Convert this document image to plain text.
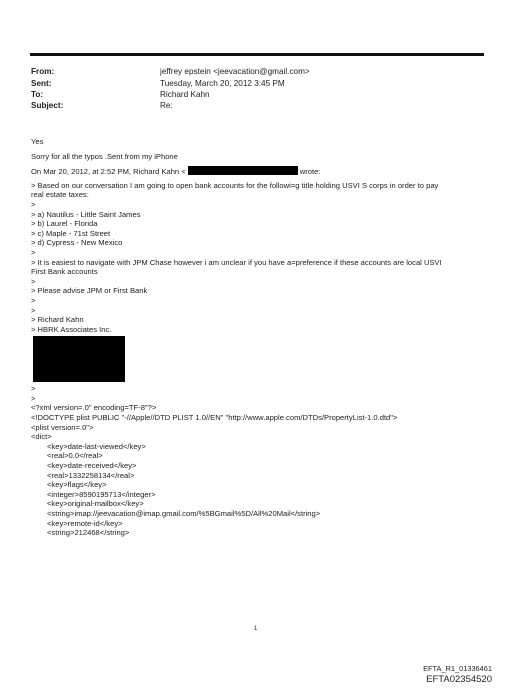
From:	jeffrey epstein <jeevacation@gmail.com>
Sent:	Tuesday, March 20, 2012 3:45 PM
To:	Richard Kahn
Subject:	Re:
Yes
Sorry for all the typos .Sent from my iPhone
On Mar 20, 2012, at 2:52 PM, Richard Kahn <	wrote:
> Based on our conversation I am going to open bank accounts for the followi=g title holding USVI S corps in order to pay
real estate taxes:
>
> a) Nautilus - Little Saint James
> b) Laurel - Florida
> c) Maple - 71st Street
> d) Cypress - New Mexico
>
> It is easiest to navigate with JPM Chase however i am unclear if you have a=preference if these accounts are local USVI
First Bank accounts
>
> Please advise JPM or First Bank
>
>
> Richard Kahn
> HBRK Associates Inc.
>
>
<?xml version=.0" encoding=TF-8"?>
<!DOCTYPE plist PUBLIC "-//Apple//DTD PLIST 1.0//EN" "http://www.apple.com/DTDs/PropertyList-1.0.dtd">
<plist version=.0">
<dict>
<key>date-last-viewed</key>
<real>0.0</real>
<key>date-received</key>
<real>1332258134</real>
<key>flags</key>
<integer>8590195713</integer>
<key>original-mailbox</key>
<string>imap://jeevacation@imap.gmail.com/%5BGmail%5D/All%20Mail</string>
<key>remote-id</key>
<string>212468</string>
1
EFTA_R1_01336461
EFTA02354520
